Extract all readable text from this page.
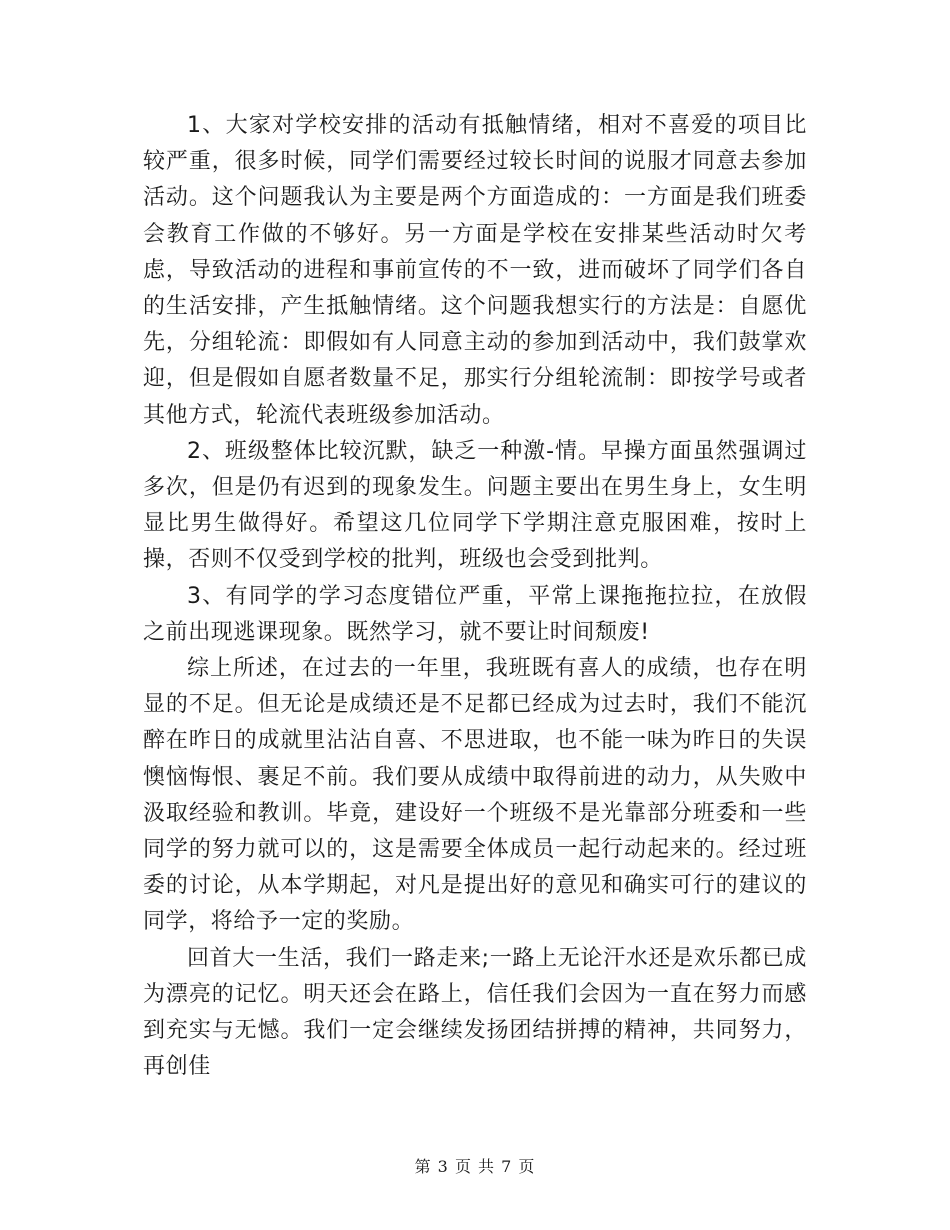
1、大家对学校安排的活动有抵触情绪，相对不喜爱的项目比较严重，很多时候，同学们需要经过较长时间的说服才同意去参加活动。这个问题我认为主要是两个方面造成的：一方面是我们班委会教育工作做的不够好。另一方面是学校在安排某些活动时欠考虑，导致活动的进程和事前宣传的不一致，进而破坏了同学们各自的生活安排，产生抵触情绪。这个问题我想实行的方法是：自愿优先，分组轮流：即假如有人同意主动的参加到活动中，我们鼓掌欢迎，但是假如自愿者数量不足，那实行分组轮流制：即按学号或者其他方式，轮流代表班级参加活动。

2、班级整体比较沉默，缺乏一种激-情。早操方面虽然强调过多次，但是仍有迟到的现象发生。问题主要出在男生身上，女生明显比男生做得好。希望这几位同学下学期注意克服困难，按时上操，否则不仅受到学校的批判，班级也会受到批判。

3、有同学的学习态度错位严重，平常上课拖拖拉拉，在放假之前出现逃课现象。既然学习，就不要让时间颓废!

综上所述，在过去的一年里，我班既有喜人的成绩，也存在明显的不足。但无论是成绩还是不足都已经成为过去时，我们不能沉醉在昨日的成就里沾沾自喜、不思进取，也不能一味为昨日的失误懊恼悔恨、裹足不前。我们要从成绩中取得前进的动力，从失败中汲取经验和教训。毕竟，建设好一个班级不是光靠部分班委和一些同学的努力就可以的，这是需要全体成员一起行动起来的。经过班委的讨论，从本学期起，对凡是提出好的意见和确实可行的建议的同学，将给予一定的奖励。

回首大一生活，我们一路走来;一路上无论汗水还是欢乐都已成为漂亮的记忆。明天还会在路上，信任我们会因为一直在努力而感到充实与无憾。我们一定会继续发扬团结拼搏的精神，共同努力，再创佳

第 3 页 共 7 页
